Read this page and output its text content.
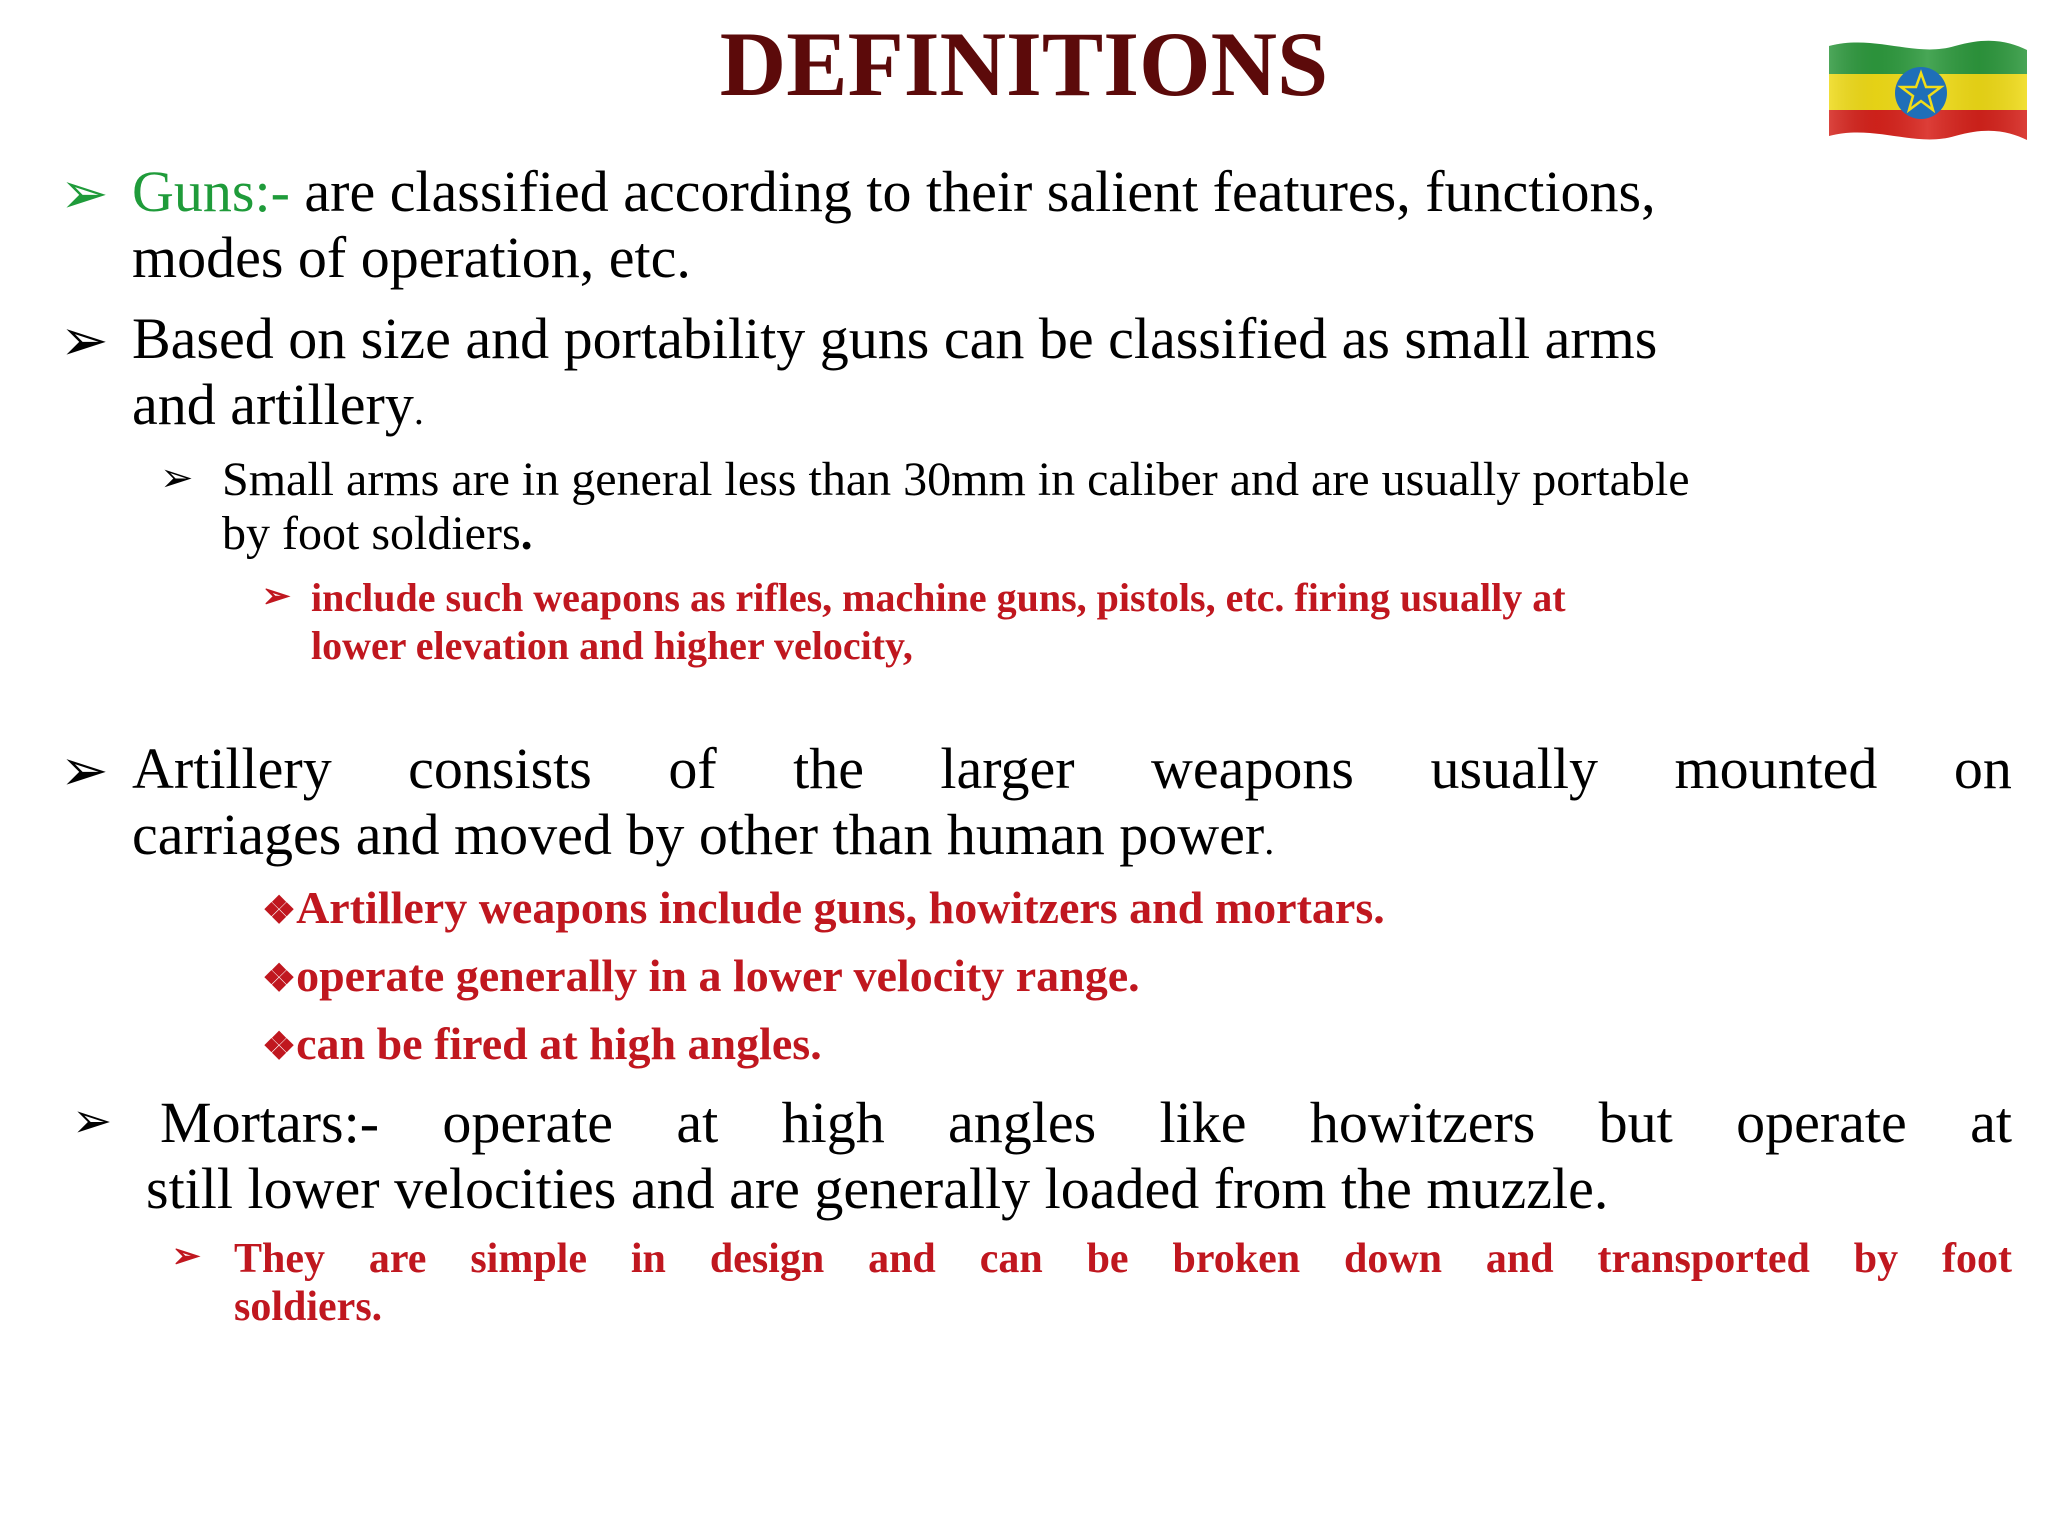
DEFINITIONS
➢ Guns:- are classified according to their salient features, functions,
modes of operation, etc.
➢ Based on size and portability guns can be classified as small arms
and artillery.
➢ Small arms are in general less than 30mm in caliber and are usually portable
by foot soldiers.
➢ include such weapons as rifles, machine guns, pistols, etc. firing usually at
lower elevation and higher velocity,
➢ Artillery consists of the larger weapons usually mounted on
carriages and moved by other than human power.
❖Artillery weapons include guns, howitzers and mortars.
❖operate generally in a lower velocity range.
❖can be fired at high angles.
➢ Mortars:- operate at high angles like howitzers but operate at
still lower velocities and are generally loaded from the muzzle.
➢ They are simple in design and can be broken down and transported by foot
soldiers.
